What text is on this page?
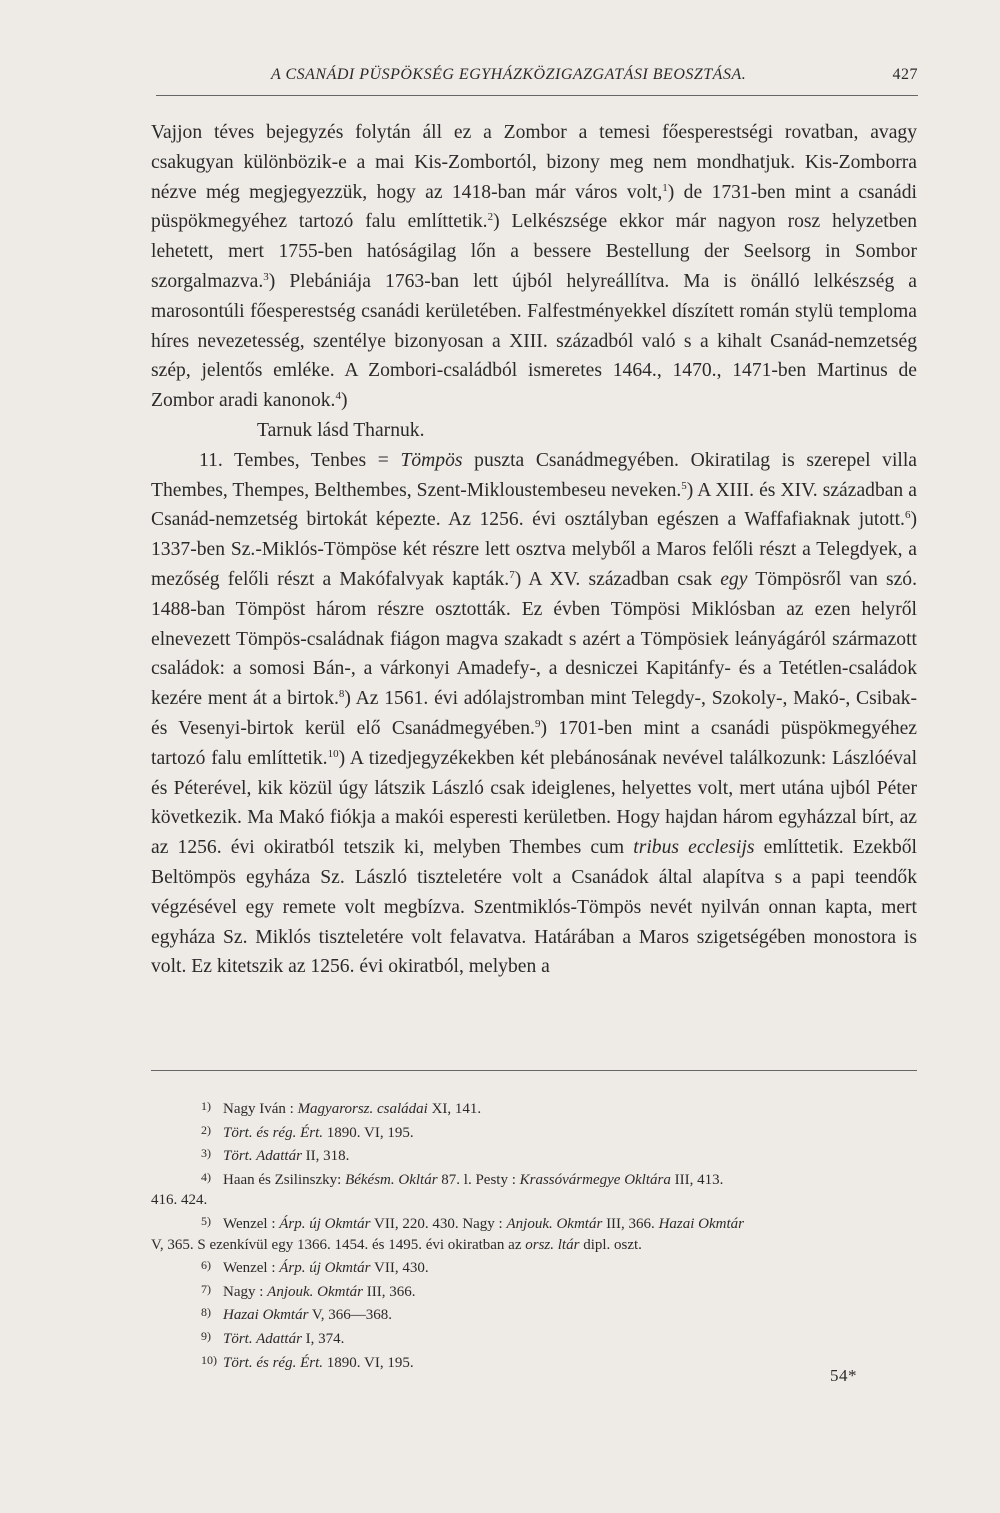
A CSANÁDI PÜSPÖKSÉG EGYHÁZKÖZIGAZGATÁSI BEOSZTÁSA.	427

Vajjon téves bejegyzés folytán áll ez a Zombor a temesi főesperestségi rovatban, avagy csakugyan különbözik-e a mai Kis-Zombortól, bizony meg nem mondhatjuk. Kis-Zomborra nézve még megjegyezzük, hogy az 1418-ban már város volt,$^1$) de 1731-ben mint a csanádi püspökmegyéhez tartozó falu említtetik.$^2$) Lelkészsége ekkor már nagyon rosz helyzetben lehetett, mert 1755-ben hatóságilag lőn a bessere Bestellung der Seelsorg in Sombor szorgalmazva.$^3$) Plebániája 1763-ban lett újból helyreállítva. Ma is önálló lelkészség a marosontúli főesperestség csanádi kerületében. Falfestményekkel díszített román stylü temploma híres nevezetesség, szentélye bizonyosan a XIII. századból való s a kihalt Csanád-nemzetség szép, jelentős emléke. A Zombori-családból ismeretes 1464., 1470., 1471-ben Martinus de Zombor aradi kanonok.$^4$)

Tarnuk lásd Tharnuk.

11. Tembes, Tenbes = Tömpös puszta Csanádmegyében. Okiratilag is szerepel villa Thembes, Thempes, Belthembes, Szent-Mikloustembeseu neveken.$^5$) A XIII. és XIV. században a Csanád-nemzetség birtokát képezte. Az 1256. évi osztályban egészen a Waffafiaknak jutott.$^6$) 1337-ben Sz.-Miklós-Tömpöse két részre lett osztva melyből a Maros felőli részt a Telegdyek, a mezőség felőli részt a Makófalvyak kapták.$^7$) A XV. században csak egy Tömpösről van szó. 1488-ban Tömpöst három részre osztották. Ez évben Tömpösi Miklósban az ezen helyről elnevezett Tömpös-családnak fiágon magva szakadt s azért a Tömpösiek leányágáról származott családok: a somosi Bán-, a várkonyi Amadefy-, a desniczei Kapitánfy- és a Tetétlen-családok kezére ment át a birtok.$^8$) Az 1561. évi adólajstromban mint Telegdy-, Szokoly-, Makó-, Csibak- és Vesenyi-birtok kerül elő Csanádmegyében.$^9$) 1701-ben mint a csanádi püspökmegyéhez tartozó falu említtetik.$^{10}$) A tizedjegyzékekben két plebánosának nevével találkozunk: Lászlóéval és Péterével, kik közül úgy látszik László csak ideiglenes, helyettes volt, mert utána ujból Péter következik. Ma Makó fiókja a makói esperesti kerületben. Hogy hajdan három egyházzal bírt, az az 1256. évi okiratból tetszik ki, melyben Thembes cum tribus ecclesijs említtetik. Ezekből Beltömpös egyháza Sz. László tiszteletére volt a Csanádok által alapítva s a papi teendők végzésével egy remete volt megbízva. Szentmiklós-Tömpös nevét nyilván onnan kapta, mert egyháza Sz. Miklós tiszteletére volt felavatva. Határában a Maros szigetségében monostora is volt. Ez kitetszik az 1256. évi okiratból, melyben a

1) Nagy Iván : Magyarorsz. családai XI, 141.

2) Tört. és rég. Ért. 1890. VI, 195.

3) Tört. Adattár II, 318.

4) Haan és Zsilinszky: Békésm. Okltár 87. l. Pesty : Krassóvármegye Okltára III, 413.

416. 424.

5) Wenzel : Árp. új Okmtár VII, 220. 430. Nagy : Anjouk. Okmtár III, 366. Hazai Okmtár

V, 365. S ezenkívül egy 1366. 1454. és 1495. évi okiratban az orsz. ltár dipl. oszt.

6) Wenzel : Árp. új Okmtár VII, 430.

7) Nagy : Anjouk. Okmtár III, 366.

8) Hazai Okmtár V, 366—368.

9) Tört. Adattár I, 374.

10) Tört. és rég. Ért. 1890. VI, 195.

54*
